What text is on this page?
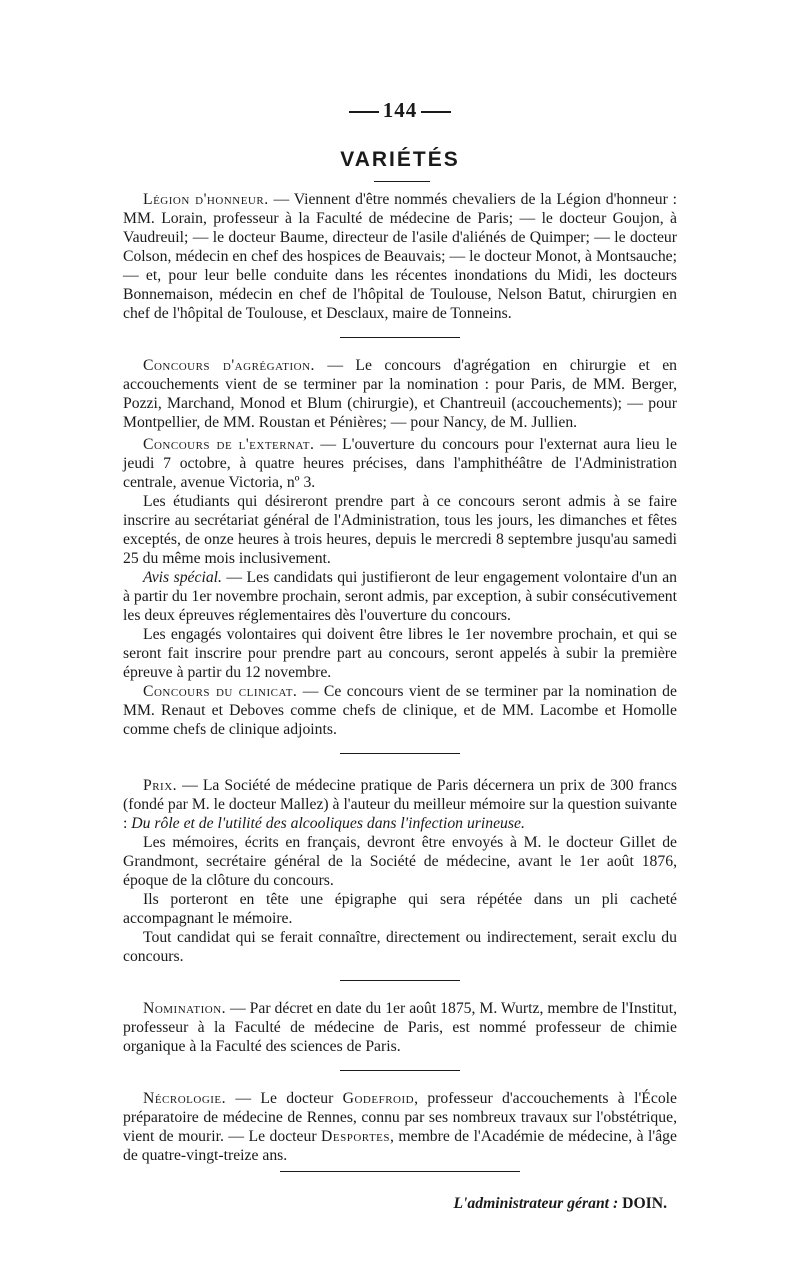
144
VARIÉTÉS

Légion d'honneur. — Viennent d'être nommés chevaliers de la Légion d'honneur : MM. Lorain, professeur à la Faculté de médecine de Paris; — le docteur Goujon, à Vaudreuil; — le docteur Baume, directeur de l'asile d'aliénés de Quimper; — le docteur Colson, médecin en chef des hospices de Beauvais; — le docteur Monot, à Montsauche; — et, pour leur belle conduite dans les récentes inondations du Midi, les docteurs Bonnemaison, médecin en chef de l'hôpital de Toulouse, Nelson Batut, chirurgien en chef de l'hôpital de Toulouse, et Desclaux, maire de Tonneins.

Concours d'agrégation. — Le concours d'agrégation en chirurgie et en accouchements vient de se terminer par la nomination : pour Paris, de MM. Berger, Pozzi, Marchand, Monod et Blum (chirurgie), et Chantreuil (accouchements); — pour Montpellier, de MM. Roustan et Pénières; — pour Nancy, de M. Jullien.

Concours de l'externat. — L'ouverture du concours pour l'externat aura lieu le jeudi 7 octobre, à quatre heures précises, dans l'amphithéâtre de l'Administration centrale, avenue Victoria, nº 3.

Les étudiants qui désireront prendre part à ce concours seront admis à se faire inscrire au secrétariat général de l'Administration, tous les jours, les dimanches et fêtes exceptés, de onze heures à trois heures, depuis le mercredi 8 septembre jusqu'au samedi 25 du même mois inclusivement.

Avis spécial. — Les candidats qui justifieront de leur engagement volontaire d'un an à partir du 1er novembre prochain, seront admis, par exception, à subir consécutivement les deux épreuves réglementaires dès l'ouverture du concours.

Les engagés volontaires qui doivent être libres le 1er novembre prochain, et qui se seront fait inscrire pour prendre part au concours, seront appelés à subir la première épreuve à partir du 12 novembre.

Concours du clinicat. — Ce concours vient de se terminer par la nomination de MM. Renaut et Deboves comme chefs de clinique, et de MM. Lacombe et Homolle comme chefs de clinique adjoints.

Prix. — La Société de médecine pratique de Paris décernera un prix de 300 francs (fondé par M. le docteur Mallez) à l'auteur du meilleur mémoire sur la question suivante : Du rôle et de l'utilité des alcooliques dans l'infection urineuse.

Les mémoires, écrits en français, devront être envoyés à M. le docteur Gillet de Grandmont, secrétaire général de la Société de médecine, avant le 1er août 1876, époque de la clôture du concours.

Ils porteront en tête une épigraphe qui sera répétée dans un pli cacheté accompagnant le mémoire.

Tout candidat qui se ferait connaître, directement ou indirectement, serait exclu du concours.

Nomination. — Par décret en date du 1er août 1875, M. Wurtz, membre de l'Institut, professeur à la Faculté de médecine de Paris, est nommé professeur de chimie organique à la Faculté des sciences de Paris.

Nécrologie. — Le docteur Godefroid, professeur d'accouchements à l'École préparatoire de médecine de Rennes, connu par ses nombreux travaux sur l'obstétrique, vient de mourir. — Le docteur Desportes, membre de l'Académie de médecine, à l'âge de quatre-vingt-treize ans.

L'administrateur gérant : DOIN.
